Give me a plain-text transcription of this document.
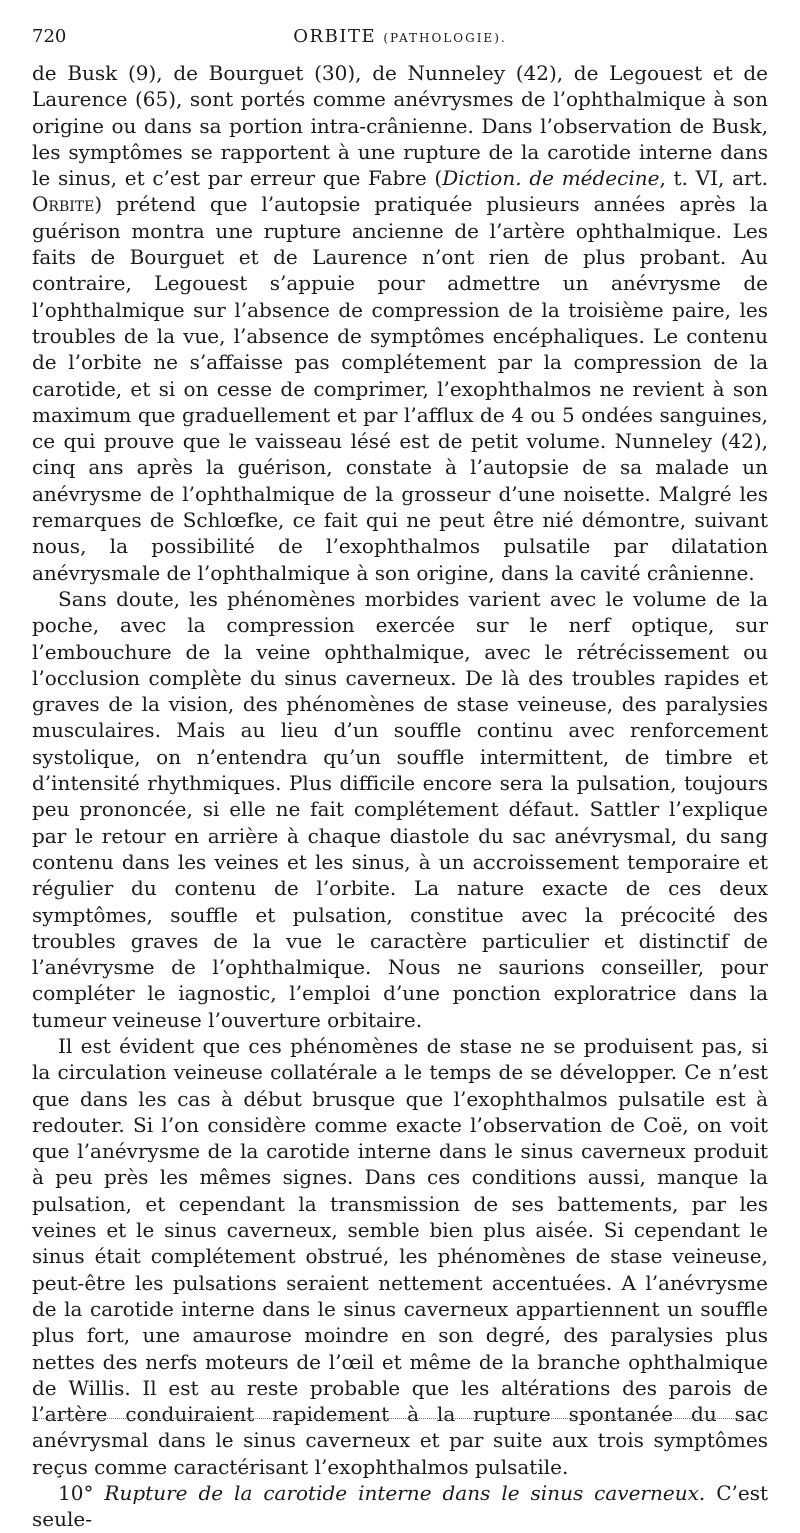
720	ORBITE (PATHOLOGIE).

de Busk (9), de Bourguet (30), de Nunneley (42), de Legouest et de Laurence (65), sont portés comme anévrysmes de l’ophthalmique à son origine ou dans sa portion intra-crânienne. Dans l’observation de Busk, les symptômes se rapportent à une rupture de la carotide interne dans le sinus, et c’est par erreur que Fabre (Diction. de médecine, t. VI, art. Orbite) prétend que l’autopsie pratiquée plusieurs années après la guérison montra une rupture ancienne de l’artère ophthalmique. Les faits de Bourguet et de Laurence n’ont rien de plus probant. Au contraire, Legouest s’appuie pour admettre un anévrysme de l’ophthalmique sur l’absence de compression de la troisième paire, les troubles de la vue, l’absence de symptômes encéphaliques. Le contenu de l’orbite ne s’affaisse pas complétement par la compression de la carotide, et si on cesse de comprimer, l’exophthalmos ne revient à son maximum que graduellement et par l’afflux de 4 ou 5 ondées sanguines, ce qui prouve que le vaisseau lésé est de petit volume. Nunneley (42), cinq ans après la guérison, constate à l’autopsie de sa malade un anévrysme de l’ophthalmique de la grosseur d’une noisette. Malgré les remarques de Schlœfke, ce fait qui ne peut être nié démontre, suivant nous, la possibilité de l’exophthalmos pulsatile par dilatation anévrysmale de l’ophthalmique à son origine, dans la cavité crânienne.

Sans doute, les phénomènes morbides varient avec le volume de la poche, avec la compression exercée sur le nerf optique, sur l’embouchure de la veine ophthalmique, avec le rétrécissement ou l’occlusion complète du sinus caverneux. De là des troubles rapides et graves de la vision, des phénomènes de stase veineuse, des paralysies musculaires. Mais au lieu d’un souffle continu avec renforcement systolique, on n’entendra qu’un souffle intermittent, de timbre et d’intensité rhythmiques. Plus difficile encore sera la pulsation, toujours peu prononcée, si elle ne fait complétement défaut. Sattler l’explique par le retour en arrière à chaque diastole du sac anévrysmal, du sang contenu dans les veines et les sinus, à un accroissement temporaire et régulier du contenu de l’orbite. La nature exacte de ces deux symptômes, souffle et pulsation, constitue avec la précocité des troubles graves de la vue le caractère particulier et distinctif de l’anévrysme de l’ophthalmique. Nous ne saurions conseiller, pour compléter le iagnostic, l’emploi d’une ponction exploratrice dans la tumeur veineuse l’ouverture orbitaire.

Il est évident que ces phénomènes de stase ne se produisent pas, si la circulation veineuse collatérale a le temps de se développer. Ce n’est que dans les cas à début brusque que l’exophthalmos pulsatile est à redouter. Si l’on considère comme exacte l’observation de Coë, on voit que l’anévrysme de la carotide interne dans le sinus caverneux produit à peu près les mêmes signes. Dans ces conditions aussi, manque la pulsation, et cependant la transmission de ses battements, par les veines et le sinus caverneux, semble bien plus aisée. Si cependant le sinus était complétement obstrué, les phénomènes de stase veineuse, peut-être les pulsations seraient nettement accentuées. A l’anévrysme de la carotide interne dans le sinus caverneux appartiennent un souffle plus fort, une amaurose moindre en son degré, des paralysies plus nettes des nerfs moteurs de l’œil et même de la branche ophthalmique de Willis. Il est au reste probable que les altérations des parois de l’artère conduiraient rapidement à la rupture spontanée du sac anévrysmal dans le sinus caverneux et par suite aux trois symptômes reçus comme caractérisant l’exophthalmos pulsatile.

10° Rupture de la carotide interne dans le sinus caverneux. C’est seule-
